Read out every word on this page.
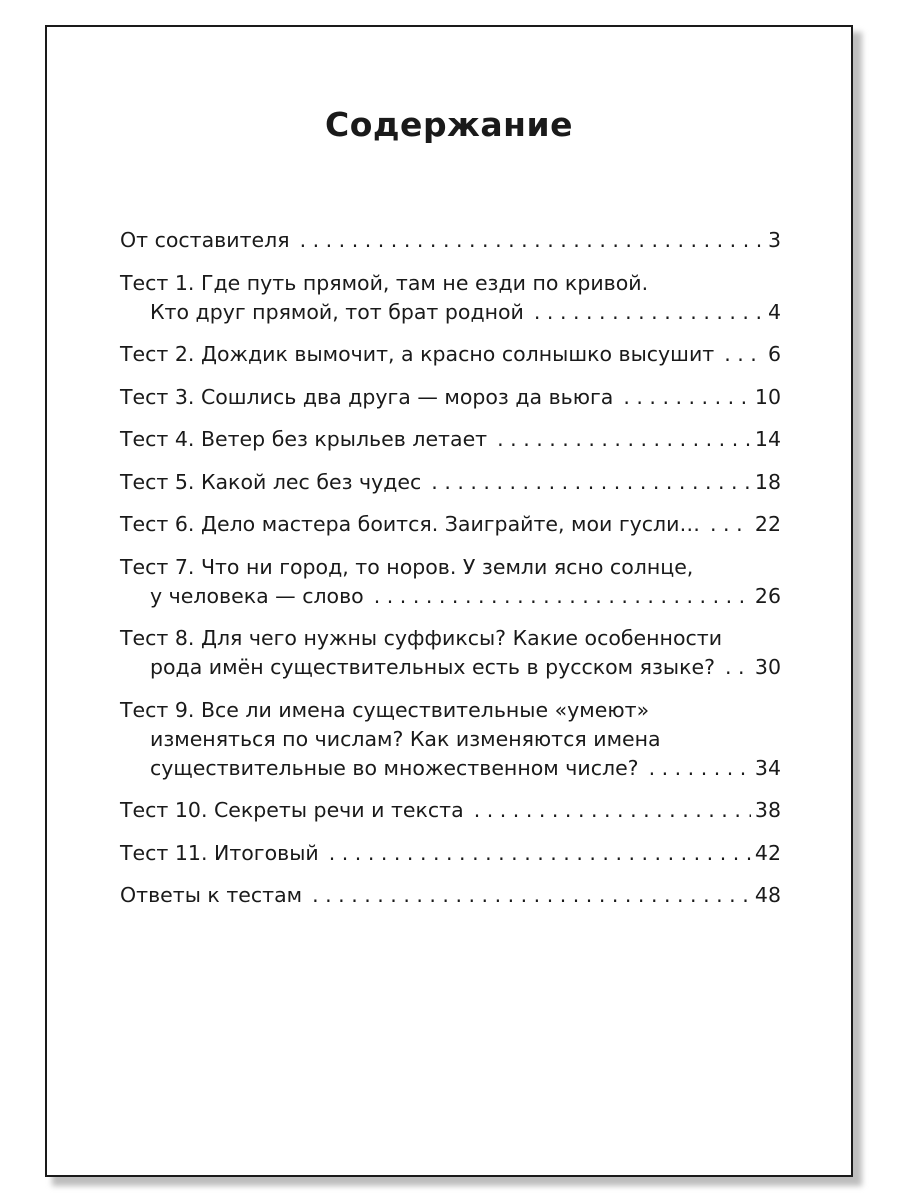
Содержание
От составителя . . .	3
Тест 1. Где путь прямой, там не езди по кривой.
Кто друг прямой, тот брат родной . . .	4
Тест 2. Дождик вымочит, а красно солнышко высушит . . .	6
Тест 3. Сошлись два друга — мороз да вьюга . . .	10
Тест 4. Ветер без крыльев летает . . .	14
Тест 5. Какой лес без чудес . . .	18
Тест 6. Дело мастера боится. Заиграйте, мои гусли… . . .	22
Тест 7. Что ни город, то норов. У земли ясно солнце,
у человека — слово . . .	26
Тест 8. Для чего нужны суффиксы? Какие особенности
рода имён существительных есть в русском языке? . . . 30
Тест 9. Все ли имена существительные «умеют»
изменяться по числам? Как изменяются имена
существительные во множественном числе? . . .	34
Тест 10. Секреты речи и текста . . .	38
Тест 11. Итоговый . . .	42
Ответы к тестам . . .	48
